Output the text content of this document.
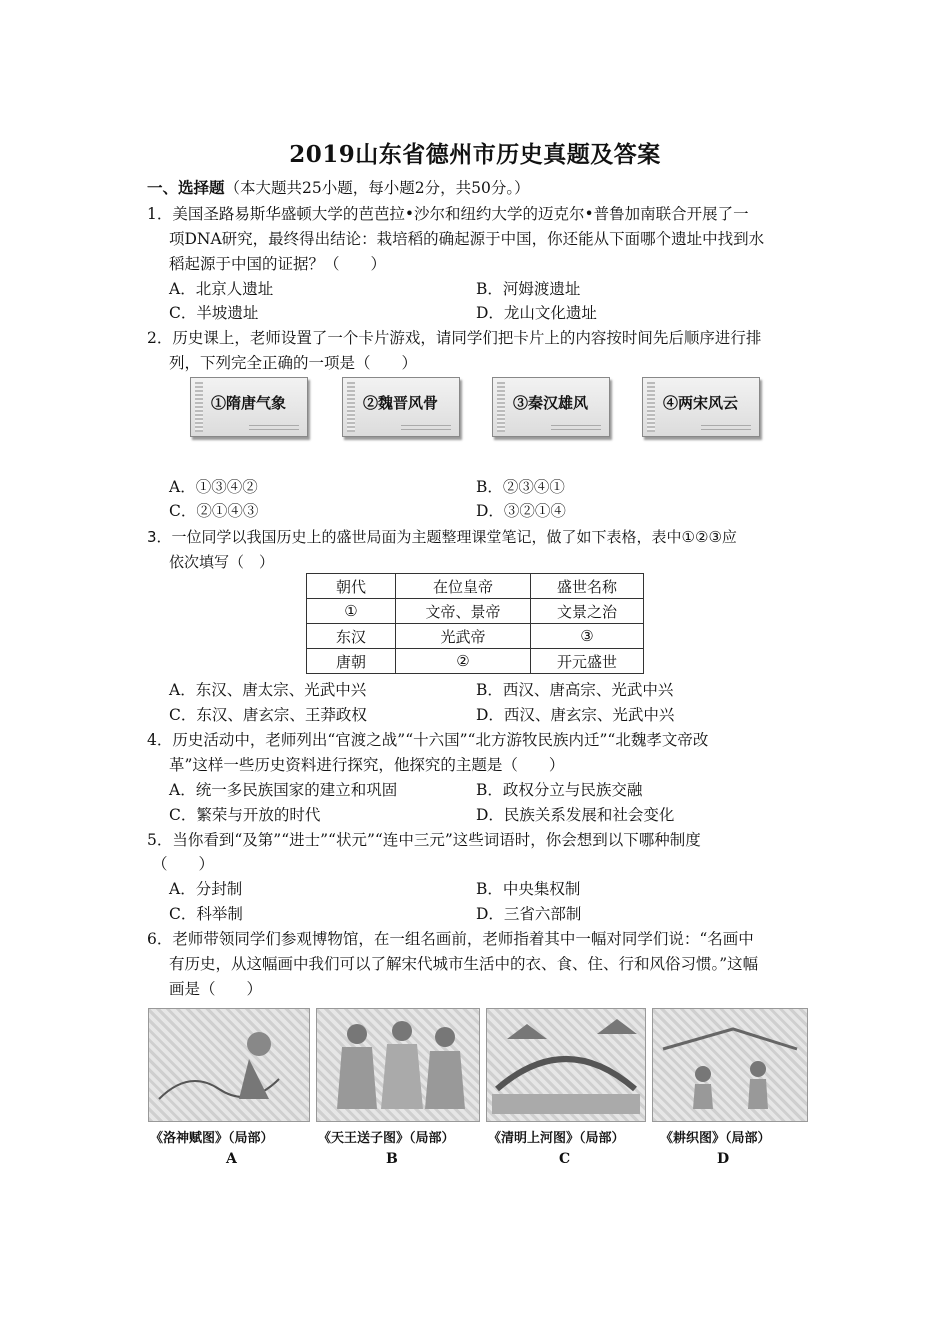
2019山东省德州市历史真题及答案
一、选择题（本大题共25小题，每小题2分，共50分。）
1．美国圣路易斯华盛顿大学的芭芭拉•沙尔和纽约大学的迈克尔•普鲁加南联合开展了一
项DNA研究，最终得出结论：栽培稻的确起源于中国，你还能从下面哪个遗址中找到水
稻起源于中国的证据？（　　）
A．北京人遗址	B．河姆渡遗址
C．半坡遗址	D．龙山文化遗址
2．历史课上，老师设置了一个卡片游戏，请同学们把卡片上的内容按时间先后顺序进行排
列，下列完全正确的一项是（　　）
①隋唐气象	②魏晋风骨	③秦汉雄风	④两宋风云
A．①③④②	B．②③④①
C．②①④③	D．③②①④
3．一位同学以我国历史上的盛世局面为主题整理课堂笔记，做了如下表格，表中①②③应
依次填写（　）
朝代	在位皇帝	盛世名称
①	文帝、景帝	文景之治
东汉	光武帝	③
唐朝	②	开元盛世
A．东汉、唐太宗、光武中兴	B．西汉、唐高宗、光武中兴
C．东汉、唐玄宗、王莽政权	D．西汉、唐玄宗、光武中兴
4．历史活动中，老师列出“官渡之战”“十六国”“北方游牧民族内迁”“北魏孝文帝改
革”这样一些历史资料进行探究，他探究的主题是（　　）
A．统一多民族国家的建立和巩固	B．政权分立与民族交融
C．繁荣与开放的时代	D．民族关系发展和社会变化
5．当你看到“及第”“进士”“状元”“连中三元”这些词语时，你会想到以下哪种制度
（　　）
A．分封制	B．中央集权制
C．科举制	D．三省六部制
6．老师带领同学们参观博物馆，在一组名画前，老师指着其中一幅对同学们说：“名画中
有历史，从这幅画中我们可以了解宋代城市生活中的衣、食、住、行和风俗习惯。”这幅
画是（　　）
《洛神赋图》（局部）	《天王送子图》（局部）	《清明上河图》（局部）	《耕织图》（局部）
A	B	C	D
